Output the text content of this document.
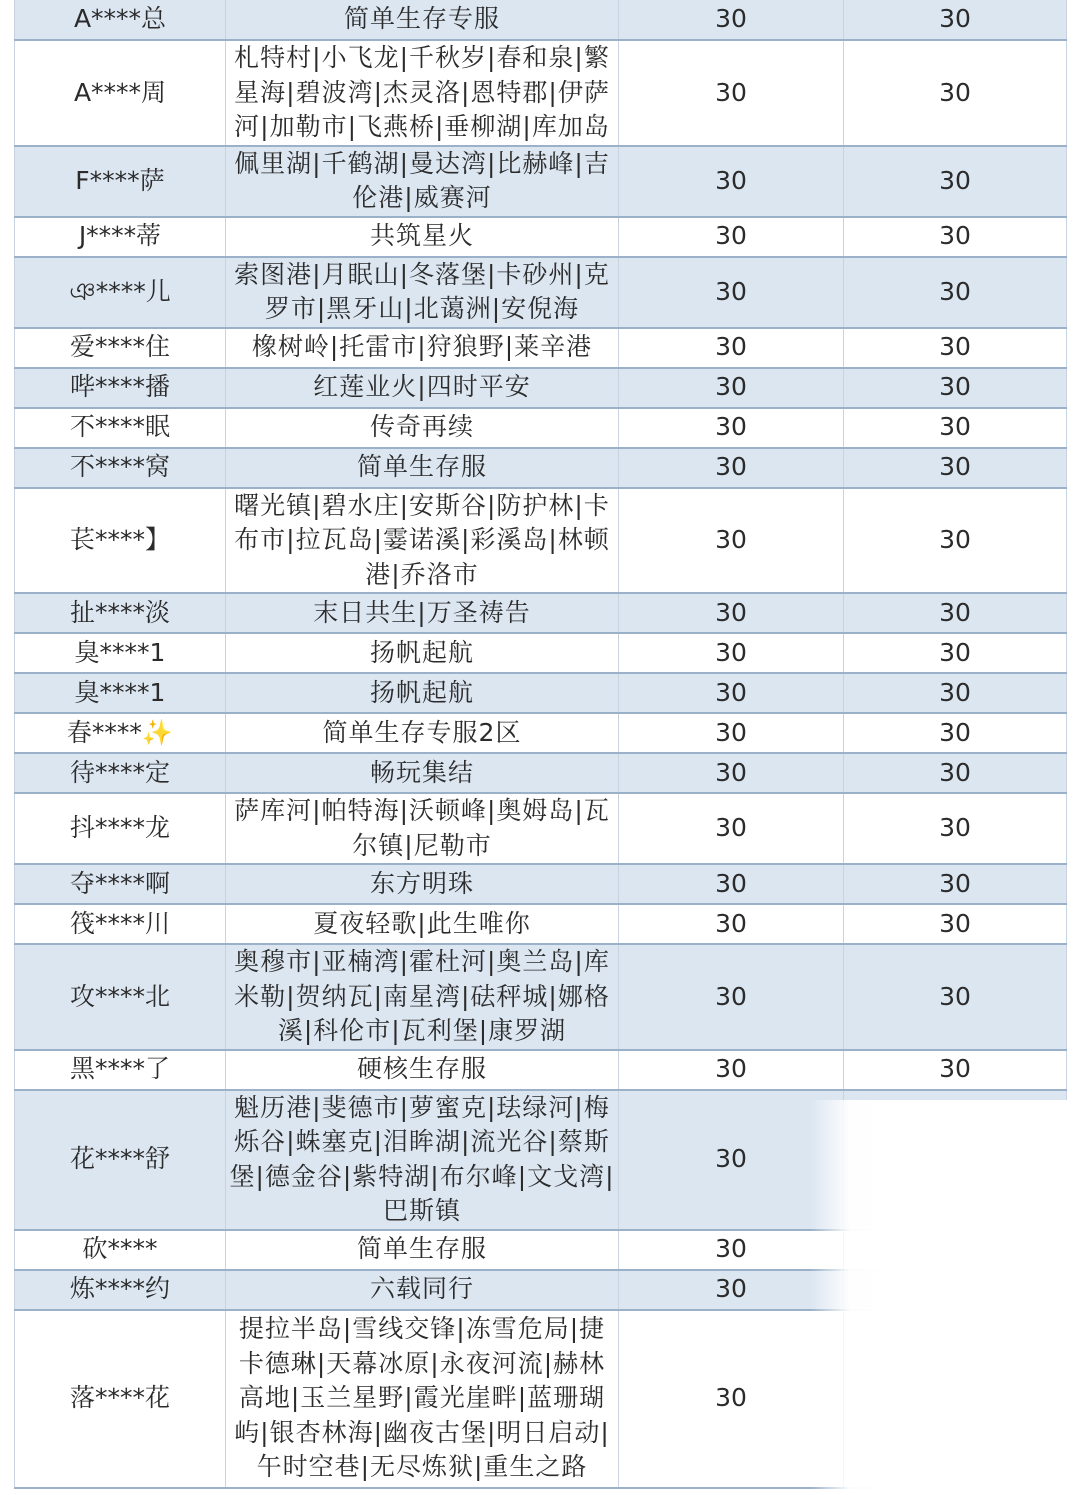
A****总	简单生存专服	30	30
A****周	札特村|小飞龙|千秋岁|春和泉|繁星海|碧波湾|杰灵洛|恩特郡|伊萨河|加勒市|飞燕桥|垂柳湖|库加岛	30	30
F****萨	佩里湖|千鹤湖|曼达湾|比赫峰|吉伦港|威赛河	30	30
J****蒂	共筑星火	30	30
ঞ****儿	索图港|月眠山|冬落堡|卡砂州|克罗市|黑牙山|北蔼洲|安倪海	30	30
爱****住	橡树岭|托雷市|狩狼野|莱辛港	30	30
哔****播	红莲业火|四时平安	30	30
不****眠	传奇再续	30	30
不****窝	简单生存服	30	30
苌****】	曙光镇|碧水庄|安斯谷|防护林|卡布市|拉瓦岛|霎诺溪|彩溪岛|林顿港|乔洛市	30	30
扯****淡	末日共生|万圣祷告	30	30
臭****1	扬帆起航	30	30
臭****1	扬帆起航	30	30
春****✨	简单生存专服2区	30	30
待****定	畅玩集结	30	30
抖****龙	萨库河|帕特海|沃顿峰|奥姆岛|瓦尔镇|尼勒市	30	30
夺****啊	东方明珠	30	30
筏****川	夏夜轻歌|此生唯你	30	30
攻****北	奥穆市|亚楠湾|霍杜河|奥兰岛|库米勒|贺纳瓦|南星湾|砝秤城|娜格溪|科伦市|瓦利堡|康罗湖	30	30
黑****了	硬核生存服	30	30
花****舒	魁历港|斐德市|萝蜜克|珐绿河|梅烁谷|蛛塞克|泪眸湖|流光谷|蔡斯堡|德金谷|紫特湖|布尔峰|文戈湾|巴斯镇	30	
砍****	简单生存服	30	
炼****约	六载同行	30	
落****花	提拉半岛|雪线交锋|冻雪危局|捷卡德琳|天幕冰原|永夜河流|赫林高地|玉兰星野|霞光崖畔|蓝珊瑚屿|银杏林海|幽夜古堡|明日启动|午时空巷|无尽炼狱|重生之路	30	
